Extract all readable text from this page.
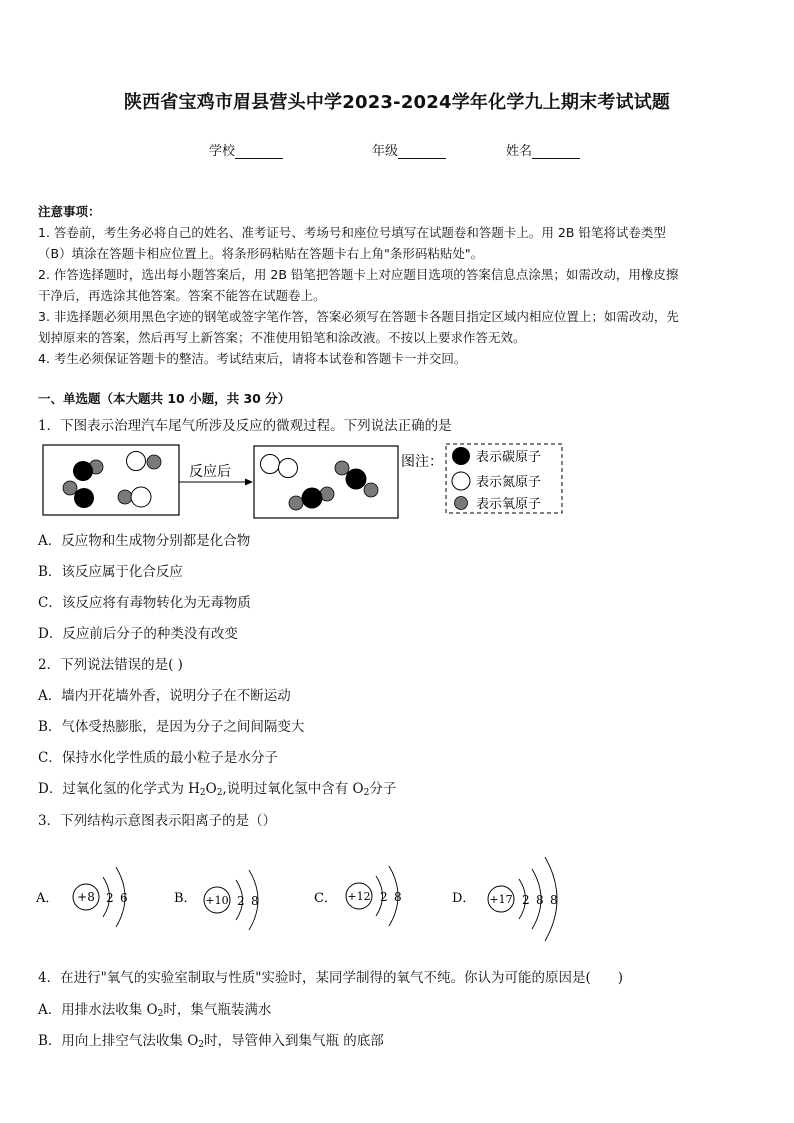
陕西省宝鸡市眉县营头中学2023-2024学年化学九上期末考试试题
学校	年级	姓名
注意事项：
1. 答卷前，考生务必将自己的姓名、准考证号、考场号和座位号填写在试题卷和答题卡上。用 2B 铅笔将试卷类型
（B）填涂在答题卡相应位置上。将条形码粘贴在答题卡右上角"条形码粘贴处"。
2. 作答选择题时，选出每小题答案后，用 2B 铅笔把答题卡上对应题目选项的答案信息点涂黑；如需改动，用橡皮擦
干净后，再选涂其他答案。答案不能答在试题卷上。
3. 非选择题必须用黑色字迹的钢笔或签字笔作答，答案必须写在答题卡各题目指定区域内相应位置上；如需改动，先
划掉原来的答案，然后再写上新答案；不准使用铅笔和涂改液。不按以上要求作答无效。
4. 考生必须保证答题卡的整洁。考试结束后，请将本试卷和答题卡一并交回。
一、单选题（本大题共 10 小题，共 30 分）
1．下图表示治理汽车尾气所涉及反应的微观过程。下列说法正确的是
反应后
图注：	表示碳原子
表示氮原子
表示氧原子
A．反应物和生成物分别都是化合物
B．该反应属于化合反应
C．该反应将有毒物转化为无毒物质
D．反应前后分子的种类没有改变
2．下列说法错误的是( )
A．墙内开花墙外香，说明分子在不断运动
B．气体受热膨胀，是因为分子之间间隔变大
C．保持水化学性质的最小粒子是水分子
D．过氧化氢的化学式为 $H_2O_2$,说明过氧化氢中含有 $O_2$分子
3．下列结构示意图表示阳离子的是（）
A． +8 2 6	B． +10 2 8	C． +12 2 8	D． +17 2 8 8
4．在进行"氧气的实验室制取与性质"实验时，某同学制得的氧气不纯。你认为可能的原因是(　　)
A．用排水法收集 $O_2$时，集气瓶装满水
B．用向上排空气法收集 $O_2$时，导管伸入到集气瓶 的底部
